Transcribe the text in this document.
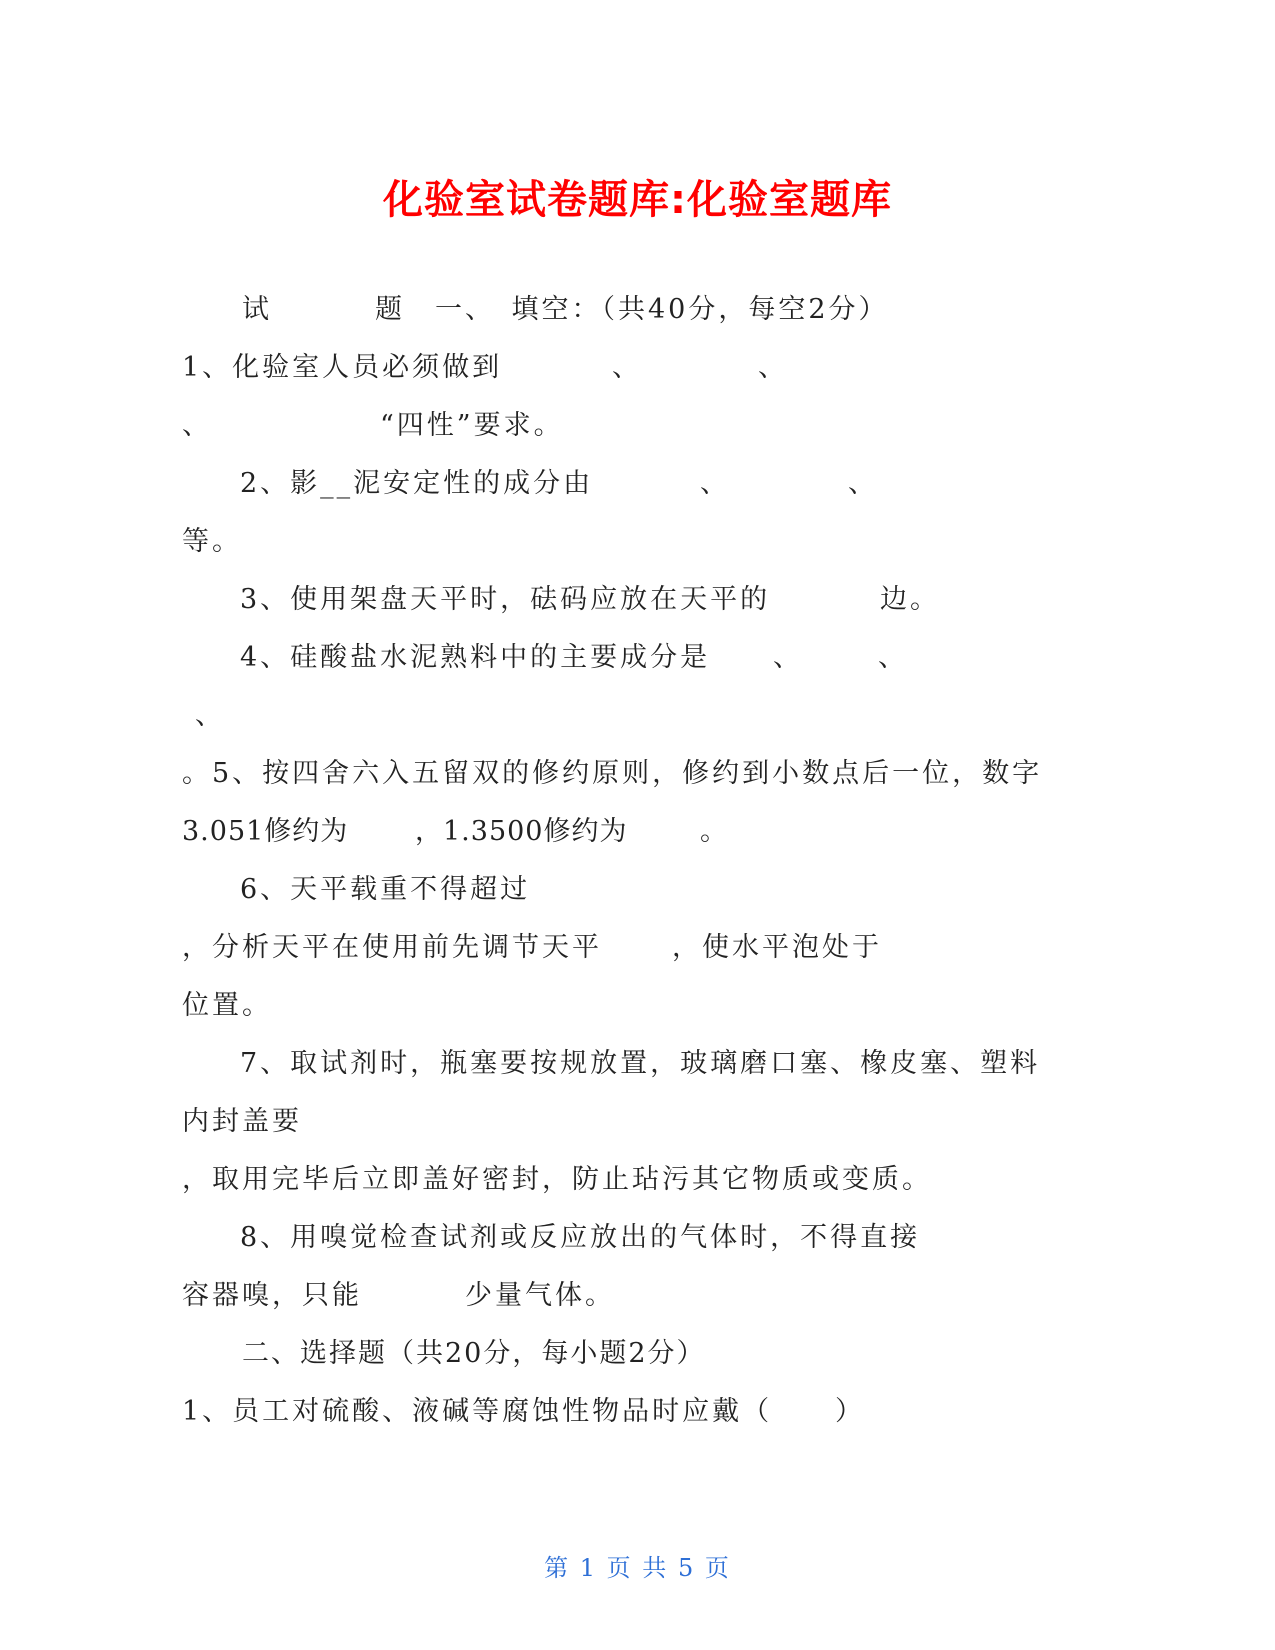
化验室试卷题库:化验室题库
试	题　一、　填空：（共40分，每空2分）
1、化验室人员必须做到	、	、
、	“四性”要求。
2、影__泥安定性的成分由	、	、
等。
3、使用架盘天平时，砝码应放在天平的	边。
4、硅酸盐水泥熟料中的主要成分是 、	、
、
。5、按四舍六入五留双的修约原则，修约到小数点后一位，数字
3.051修约为 ，1.3500修约为	。
6、天平载重不得超过
，分析天平在使用前先调节天平	，使水平泡处于
位置。
7、取试剂时，瓶塞要按规放置，玻璃磨口塞、橡皮塞、塑料
内封盖要
，取用完毕后立即盖好密封，防止玷污其它物质或变质。
8、用嗅觉检查试剂或反应放出的气体时，不得直接
容器嗅，只能	少量气体。
二、选择题（共20分，每小题2分）
1、员工对硫酸、液碱等腐蚀性物品时应戴（ ）
第 1 页 共 5 页
